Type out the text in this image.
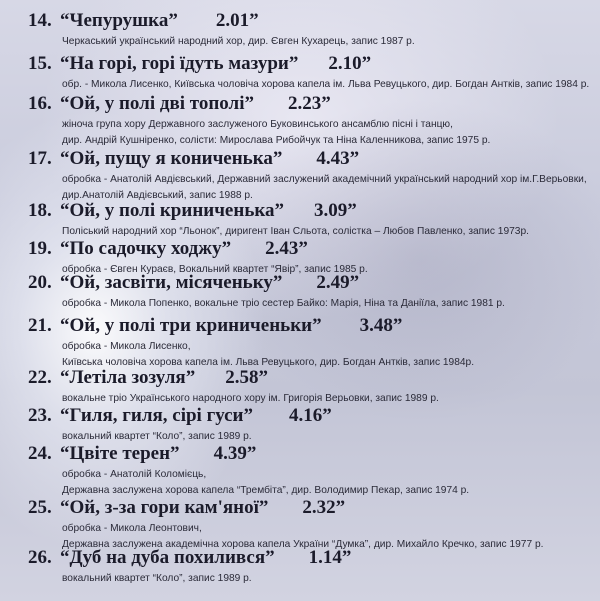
14. “Чепурушка” 2.01”
Черкаський український народний хор, дир. Євген Кухарець, запис 1987 р.
15. “На горі, горі їдуть мазури” 2.10”
обр. - Микола Лисенко, Київська чоловіча хорова капела ім. Льва Ревуцького, дир. Богдан Антків, запис 1984 р.
16. “Ой, у полі дві тополі” 2.23”
жіноча група хору Державного заслуженого Буковинського ансамблю пісні і танцю,
дир. Андрій Кушніренко, солісти: Мирослава Рибойчук та Ніна Каленникова, запис 1975 р.
17. “Ой, пущу я кониченька” 4.43”
обробка - Анатолій Авдієвський, Державний заслужений академічний український народний хор ім.Г.Верьовки,
дир.Анатолій Авдієвський, запис 1988 р.
18. “Ой, у полі криниченька” 3.09”
Поліський народний хор “Льонок”, диригент Іван Сльота, солістка – Любов Павленко, запис 1973р.
19. “По садочку ходжу” 2.43”
обробка - Євген Кураєв, Вокальний квартет “Явір”, запис 1985 р.
20. “Ой, засвіти, місяченьку” 2.49”
обробка - Микола Попенко, вокальне тріо сестер Байко: Марія, Ніна та Даніїла, запис 1981 р.
21. “Ой, у полі три криниченьки” 3.48”
обробка - Микола Лисенко,
Київська чоловіча хорова капела ім. Льва Ревуцького, дир. Богдан Антків, запис 1984р.
22. “Летіла зозуля” 2.58”
вокальне тріо Українського народного хору ім. Григорія Верьовки, запис 1989 р.
23. “Гиля, гиля, сірі гуси” 4.16”
вокальний квартет “Коло”, запис 1989 р.
24. “Цвіте терен” 4.39”
обробка - Анатолій Коломієць,
Державна заслужена хорова капела “Трембіта”, дир. Володимир Пекар, запис 1974 р.
25. “Ой, з-за гори кам'яної” 2.32”
обробка - Микола Леонтович,
Державна заслужена академічна хорова капела України “Думка”, дир. Михайло Кречко, запис 1977 р.
26. “Дуб на дуба похилився” 1.14”
вокальний квартет “Коло”, запис 1989 р.
